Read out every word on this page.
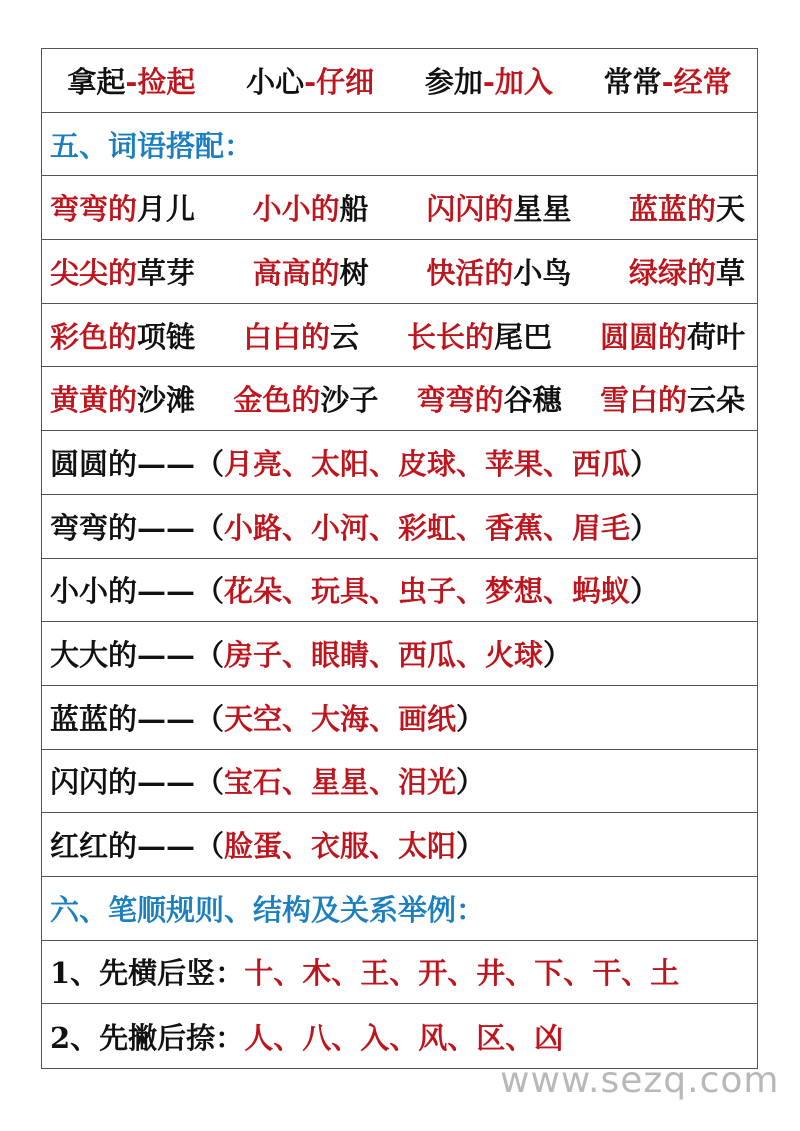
拿起-捡起 小心-仔细 参加-加入 常常-经常
五、词语搭配：
弯弯的月儿 小小的船 闪闪的星星 蓝蓝的天
尖尖的草芽 高高的树 快活的小鸟 绿绿的草
彩色的项链 白白的云 长长的尾巴 圆圆的荷叶
黄黄的沙滩 金色的沙子 弯弯的谷穗 雪白的云朵
圆圆的——（ 月亮、太阳、皮球、苹果、西瓜 ）
弯弯的——（ 小路、小河、彩虹、香蕉、眉毛 ）
小小的——（ 花朵、玩具、虫子、梦想、蚂蚁 ）
大大的——（ 房子、眼睛、西瓜、火球 ）
蓝蓝的——（ 天空、大海、画纸 ）
闪闪的——（ 宝石、星星、泪光 ）
红红的——（ 脸蛋、衣服、太阳 ）
六、笔顺规则、结构及关系举例：
1、先横后竖： 十、木、王、开、井、下、干、土
2、先撇后捺： 人、八、入、风、区、凶
www.sezq.com
